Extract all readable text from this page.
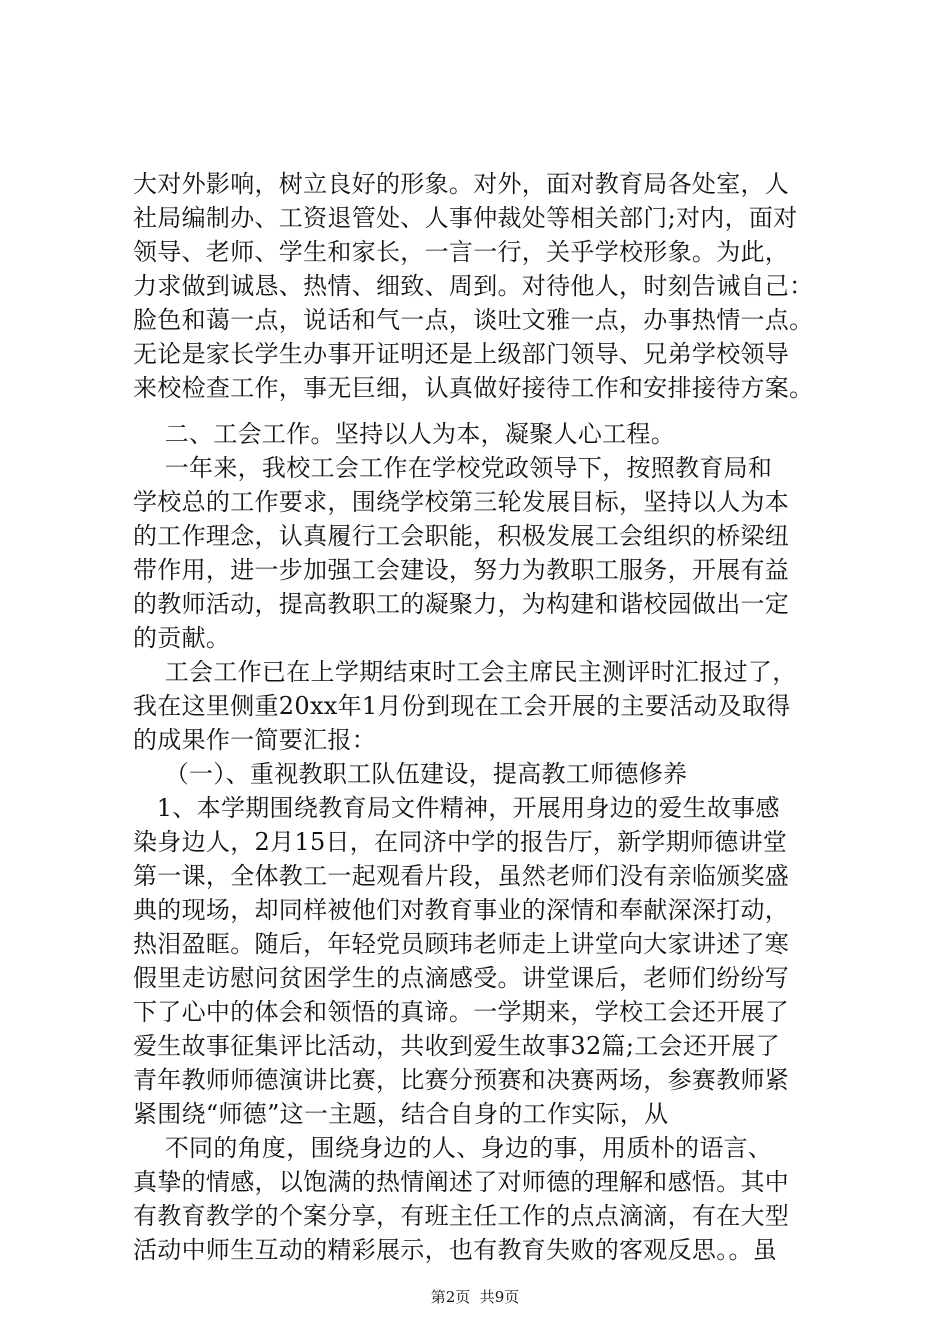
大对外影响，树立良好的形象。对外，面对教育局各处室，人
社局编制办、工资退管处、人事仲裁处等相关部门;对内，面对
领导、老师、学生和家长，一言一行，关乎学校形象。为此，
力求做到诚恳、热情、细致、周到。对待他人，时刻告诫自己：
脸色和蔼一点，说话和气一点，谈吐文雅一点，办事热情一点。
无论是家长学生办事开证明还是上级部门领导、兄弟学校领导
来校检查工作，事无巨细，认真做好接待工作和安排接待方案。
二、工会工作。坚持以人为本，凝聚人心工程。
一年来，我校工会工作在学校党政领导下，按照教育局和
学校总的工作要求，围绕学校第三轮发展目标，坚持以人为本
的工作理念，认真履行工会职能，积极发展工会组织的桥梁纽
带作用，进一步加强工会建设，努力为教职工服务，开展有益
的教师活动，提高教职工的凝聚力，为构建和谐校园做出一定
的贡献。
工会工作已在上学期结束时工会主席民主测评时汇报过了，
我在这里侧重20xx年1月份到现在工会开展的主要活动及取得
的成果作一简要汇报：
（一）、重视教职工队伍建设，提高教工师德修养
1、本学期围绕教育局文件精神，开展用身边的爱生故事感
染身边人，2月15日，在同济中学的报告厅，新学期师德讲堂
第一课，全体教工一起观看片段，虽然老师们没有亲临颁奖盛
典的现场，却同样被他们对教育事业的深情和奉献深深打动，
热泪盈眶。随后，年轻党员顾玮老师走上讲堂向大家讲述了寒
假里走访慰问贫困学生的点滴感受。讲堂课后，老师们纷纷写
下了心中的体会和领悟的真谛。一学期来，学校工会还开展了
爱生故事征集评比活动，共收到爱生故事32篇;工会还开展了
青年教师师德演讲比赛，比赛分预赛和决赛两场，参赛教师紧
紧围绕“师德”这一主题，结合自身的工作实际，从
不同的角度，围绕身边的人、身边的事，用质朴的语言、
真挚的情感，以饱满的热情阐述了对师德的理解和感悟。其中
有教育教学的个案分享，有班主任工作的点点滴滴，有在大型
活动中师生互动的精彩展示，也有教育失败的客观反思。。虽
第2页  共9页
